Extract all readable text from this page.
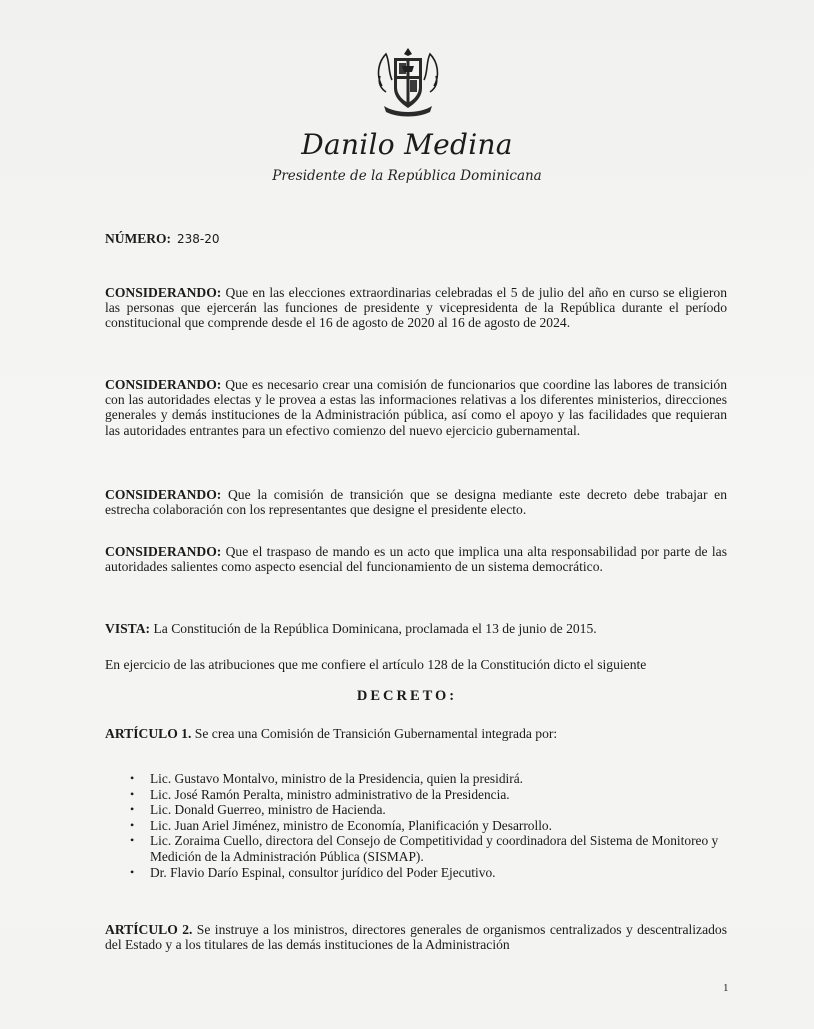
Danilo Medina
Presidente de la República Dominicana
NÚMERO: 238-20
CONSIDERANDO: Que en las elecciones extraordinarias celebradas el 5 de julio del año en curso se eligieron las personas que ejercerán las funciones de presidente y vicepresidenta de la República durante el período constitucional que comprende desde el 16 de agosto de 2020 al 16 de agosto de 2024.
CONSIDERANDO: Que es necesario crear una comisión de funcionarios que coordine las labores de transición con las autoridades electas y le provea a estas las informaciones relativas a los diferentes ministerios, direcciones generales y demás instituciones de la Administración pública, así como el apoyo y las facilidades que requieran las autoridades entrantes para un efectivo comienzo del nuevo ejercicio gubernamental.
CONSIDERANDO: Que la comisión de transición que se designa mediante este decreto debe trabajar en estrecha colaboración con los representantes que designe el presidente electo.
CONSIDERANDO: Que el traspaso de mando es un acto que implica una alta responsabilidad por parte de las autoridades salientes como aspecto esencial del funcionamiento de un sistema democrático.
VISTA: La Constitución de la República Dominicana, proclamada el 13 de junio de 2015.
En ejercicio de las atribuciones que me confiere el artículo 128 de la Constitución dicto el siguiente
DECRETO:
ARTÍCULO 1. Se crea una Comisión de Transición Gubernamental integrada por:
• Lic. Gustavo Montalvo, ministro de la Presidencia, quien la presidirá.
• Lic. José Ramón Peralta, ministro administrativo de la Presidencia.
• Lic. Donald Guerreo, ministro de Hacienda.
• Lic. Juan Ariel Jiménez, ministro de Economía, Planificación y Desarrollo.
• Lic. Zoraima Cuello, directora del Consejo de Competitividad y coordinadora del Sistema de Monitoreo y Medición de la Administración Pública (SISMAP).
• Dr. Flavio Darío Espinal, consultor jurídico del Poder Ejecutivo.
ARTÍCULO 2. Se instruye a los ministros, directores generales de organismos centralizados y descentralizados del Estado y a los titulares de las demás instituciones de la Administración
1
